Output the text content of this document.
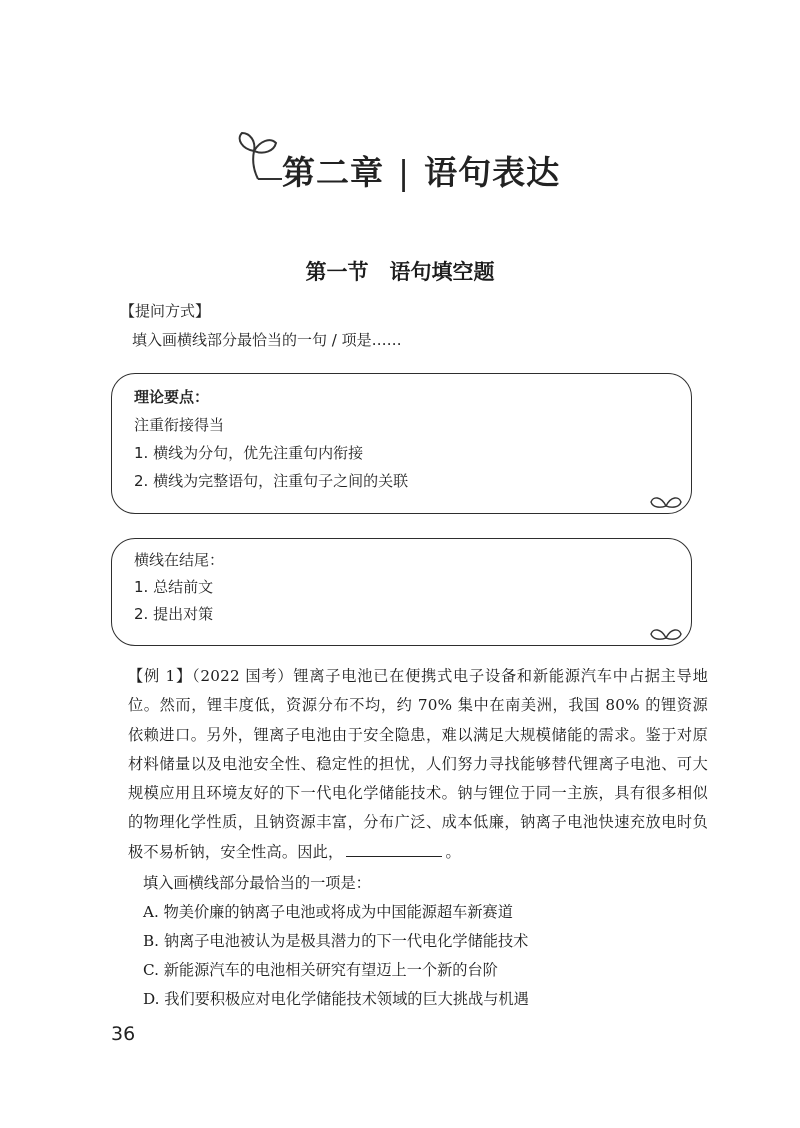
第二章 | 语句表达
第一节　语句填空题
【提问方式】
填入画横线部分最恰当的一句 / 项是……
理论要点：
注重衔接得当
1. 横线为分句，优先注重句内衔接
2. 横线为完整语句，注重句子之间的关联
横线在结尾：
1. 总结前文
2. 提出对策
【例 1】（2022 国考）锂离子电池已在便携式电子设备和新能源汽车中占据主导地位。然而，锂丰度低，资源分布不均，约 70% 集中在南美洲，我国 80% 的锂资源依赖进口。另外，锂离子电池由于安全隐患，难以满足大规模储能的需求。鉴于对原材料储量以及电池安全性、稳定性的担忧，人们努力寻找能够替代锂离子电池、可大规模应用且环境友好的下一代电化学储能技术。钠与锂位于同一主族，具有很多相似的物理化学性质，且钠资源丰富，分布广泛、成本低廉，钠离子电池快速充放电时负极不易析钠，安全性高。因此，	。
填入画横线部分最恰当的一项是：
A. 物美价廉的钠离子电池或将成为中国能源超车新赛道
B. 钠离子电池被认为是极具潜力的下一代电化学储能技术
C. 新能源汽车的电池相关研究有望迈上一个新的台阶
D. 我们要积极应对电化学储能技术领域的巨大挑战与机遇
36
